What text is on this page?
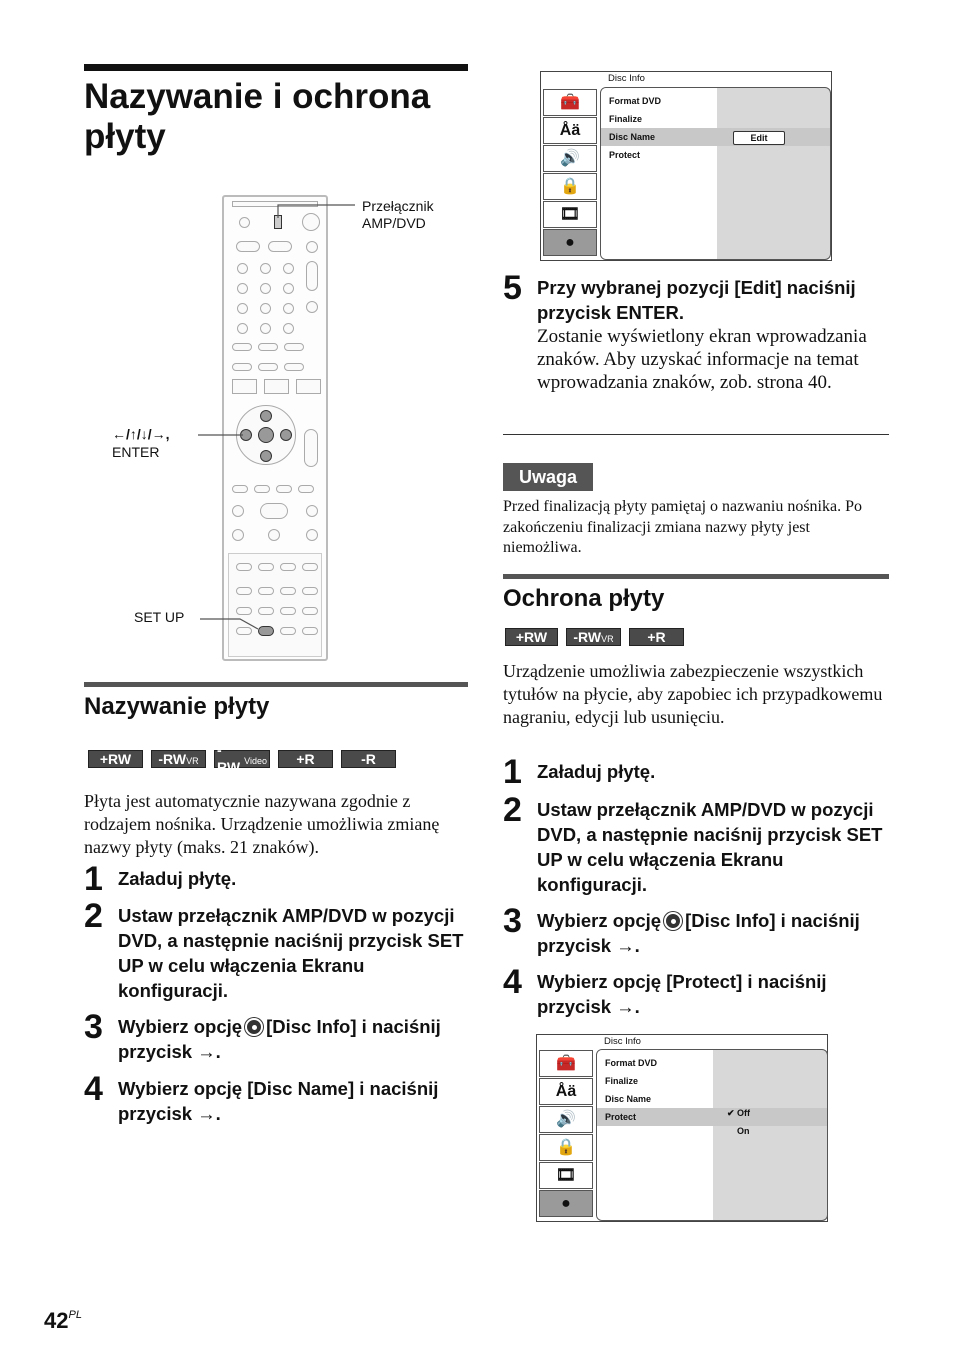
Nazywanie i ochrona płyty
Przełącznik AMP/DVD
←/↑/↓/→,
ENTER
SET UP
Nazywanie płyty
+RW -RW VR
-RW Video +R	-R
Płyta jest automatycznie nazywana zgodnie z rodzajem nośnika. Urządzenie umożliwia zmianę nazwy płyty (maks. 21 znaków).
1 Załaduj płytę.
2 Ustaw przełącznik AMP/DVD w pozycji DVD, a następnie naciśnij przycisk SET UP w celu włączenia Ekranu konfiguracji.
3 Wybierz opcję [Disc Info] i naciśnij przycisk →.
4 Wybierz opcję [Disc Name] i naciśnij przycisk →.
Disc Info
🧰
Åä
🔊
🔒
🎞
●
Format DVD
Finalize
Disc Name
Protect
Edit
5 Przy wybranej pozycji [Edit] naciśnij przycisk ENTER.
Zostanie wyświetlony ekran wprowadzania znaków. Aby uzyskać informacje na temat wprowadzania znaków, zob. strona 40.
Uwaga
Przed finalizacją płyty pamiętaj o nazwaniu nośnika. Po zakończeniu finalizacji zmiana nazwy płyty jest niemożliwa.
Ochrona płyty
+RW -RW VR +R
Urządzenie umożliwia zabezpieczenie wszystkich tytułów na płycie, aby zapobiec ich przypadkowemu nagraniu, edycji lub usunięciu.
1 Załaduj płytę.
2 Ustaw przełącznik AMP/DVD w pozycji DVD, a następnie naciśnij przycisk SET UP w celu włączenia Ekranu konfiguracji.
3 Wybierz opcję [Disc Info] i naciśnij przycisk →.
4 Wybierz opcję [Protect] i naciśnij przycisk →.
Disc Info
🧰
Åä
🔊
🔒
🎞
●
Format DVD
Finalize
Disc Name
Protect	✔ Off
On
$42^{PL}$
